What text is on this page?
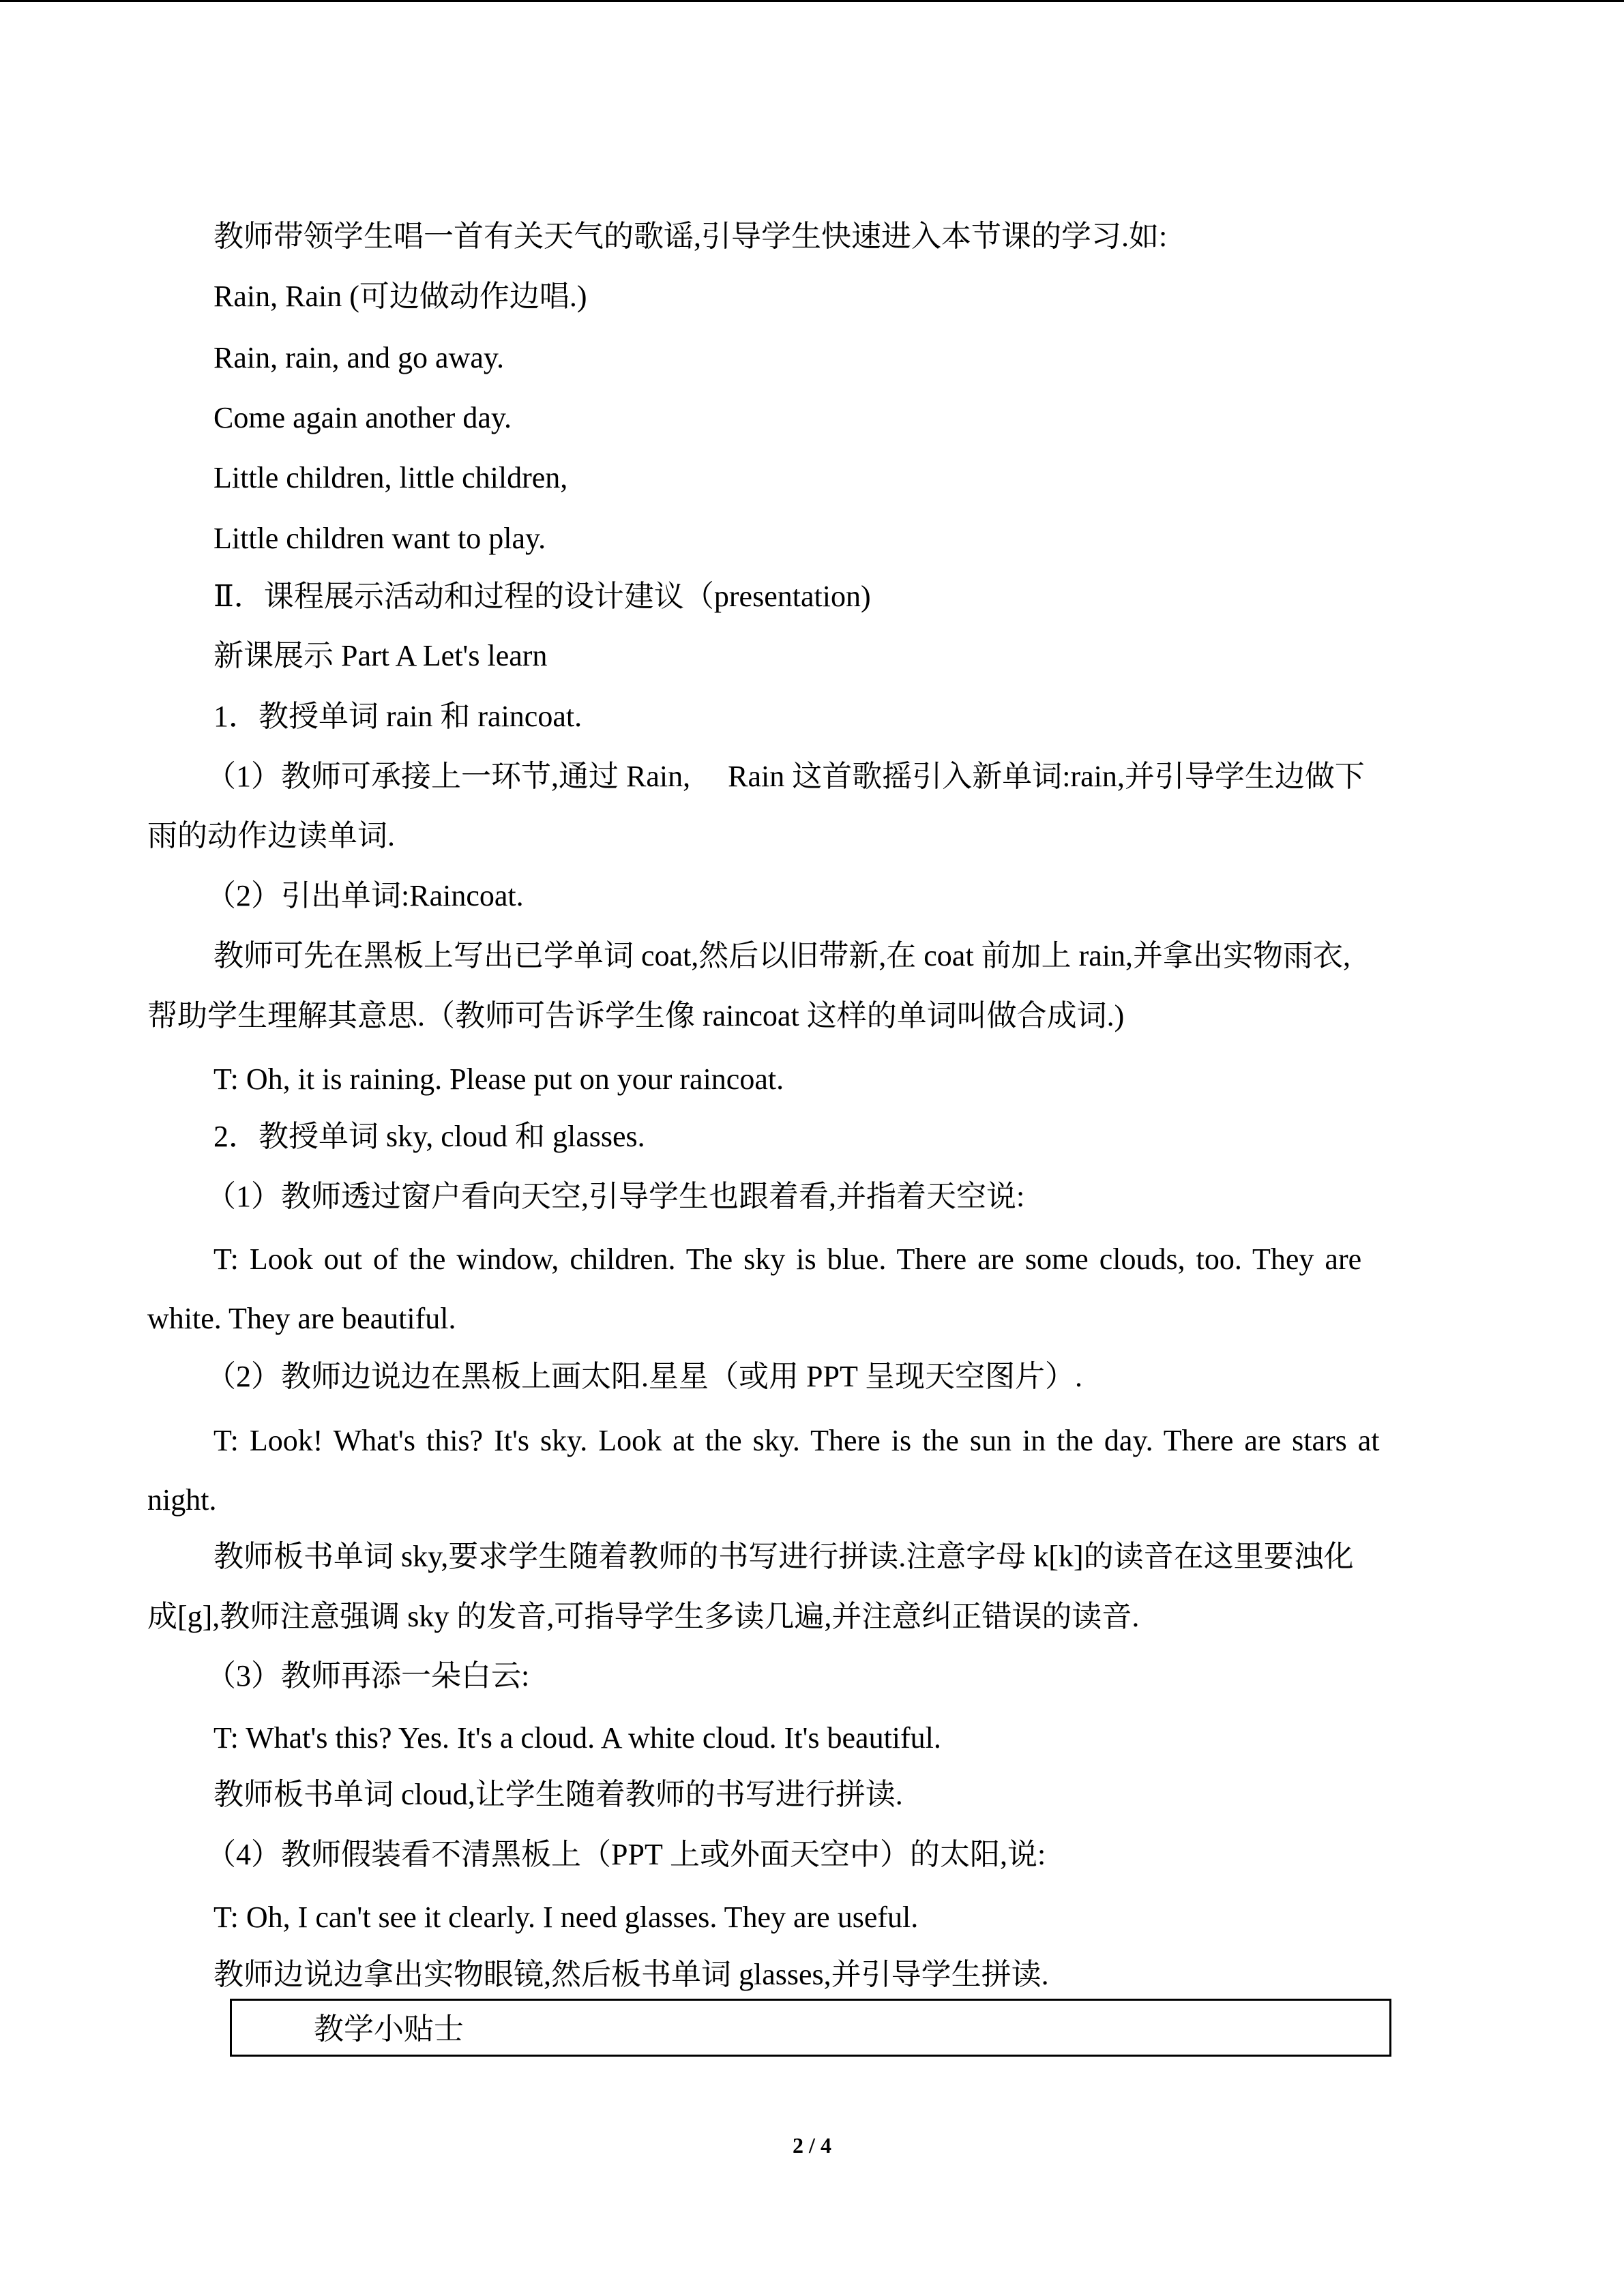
教师带领学生唱一首有关天气的歌谣,引导学生快速进入本节课的学习.如:

Rain, Rain (可边做动作边唱.)

Rain, rain, and go away.

Come again another day.

Little children, little children,

Little children want to play.

Ⅱ．课程展示活动和过程的设计建议（presentation)

新课展示 Part A Let's learn

1．教授单词 rain 和 raincoat.

（1）教师可承接上一环节,通过 Rain,　 Rain 这首歌摇引入新单词:rain,并引导学生边做下

雨的动作边读单词.

（2）引出单词:Raincoat.

教师可先在黑板上写出已学单词 coat,然后以旧带新,在 coat 前加上 rain,并拿出实物雨衣,

帮助学生理解其意思.（教师可告诉学生像 raincoat 这样的单词叫做合成词.)

T: Oh, it is raining. Please put on your raincoat.

2．教授单词 sky, cloud 和 glasses.

（1）教师透过窗户看向天空,引导学生也跟着看,并指着天空说:

T: Look out of the window, children. The sky is blue. There are some clouds, too. They are

white. They are beautiful.

（2）教师边说边在黑板上画太阳.星星（或用 PPT 呈现天空图片）.

T: Look! What's this? It's sky. Look at the sky. There is the sun in the day. There are stars at

night.

教师板书单词 sky,要求学生随着教师的书写进行拼读.注意字母 k[k]的读音在这里要浊化

成[g],教师注意强调 sky 的发音,可指导学生多读几遍,并注意纠正错误的读音.

（3）教师再添一朵白云:

T: What's this? Yes. It's a cloud. A white cloud. It's beautiful.

教师板书单词 cloud,让学生随着教师的书写进行拼读.

（4）教师假装看不清黑板上（PPT 上或外面天空中）的太阳,说:

T: Oh, I can't see it clearly. I need glasses. They are useful.

教师边说边拿出实物眼镜,然后板书单词 glasses,并引导学生拼读.

教学小贴士
2 / 4
